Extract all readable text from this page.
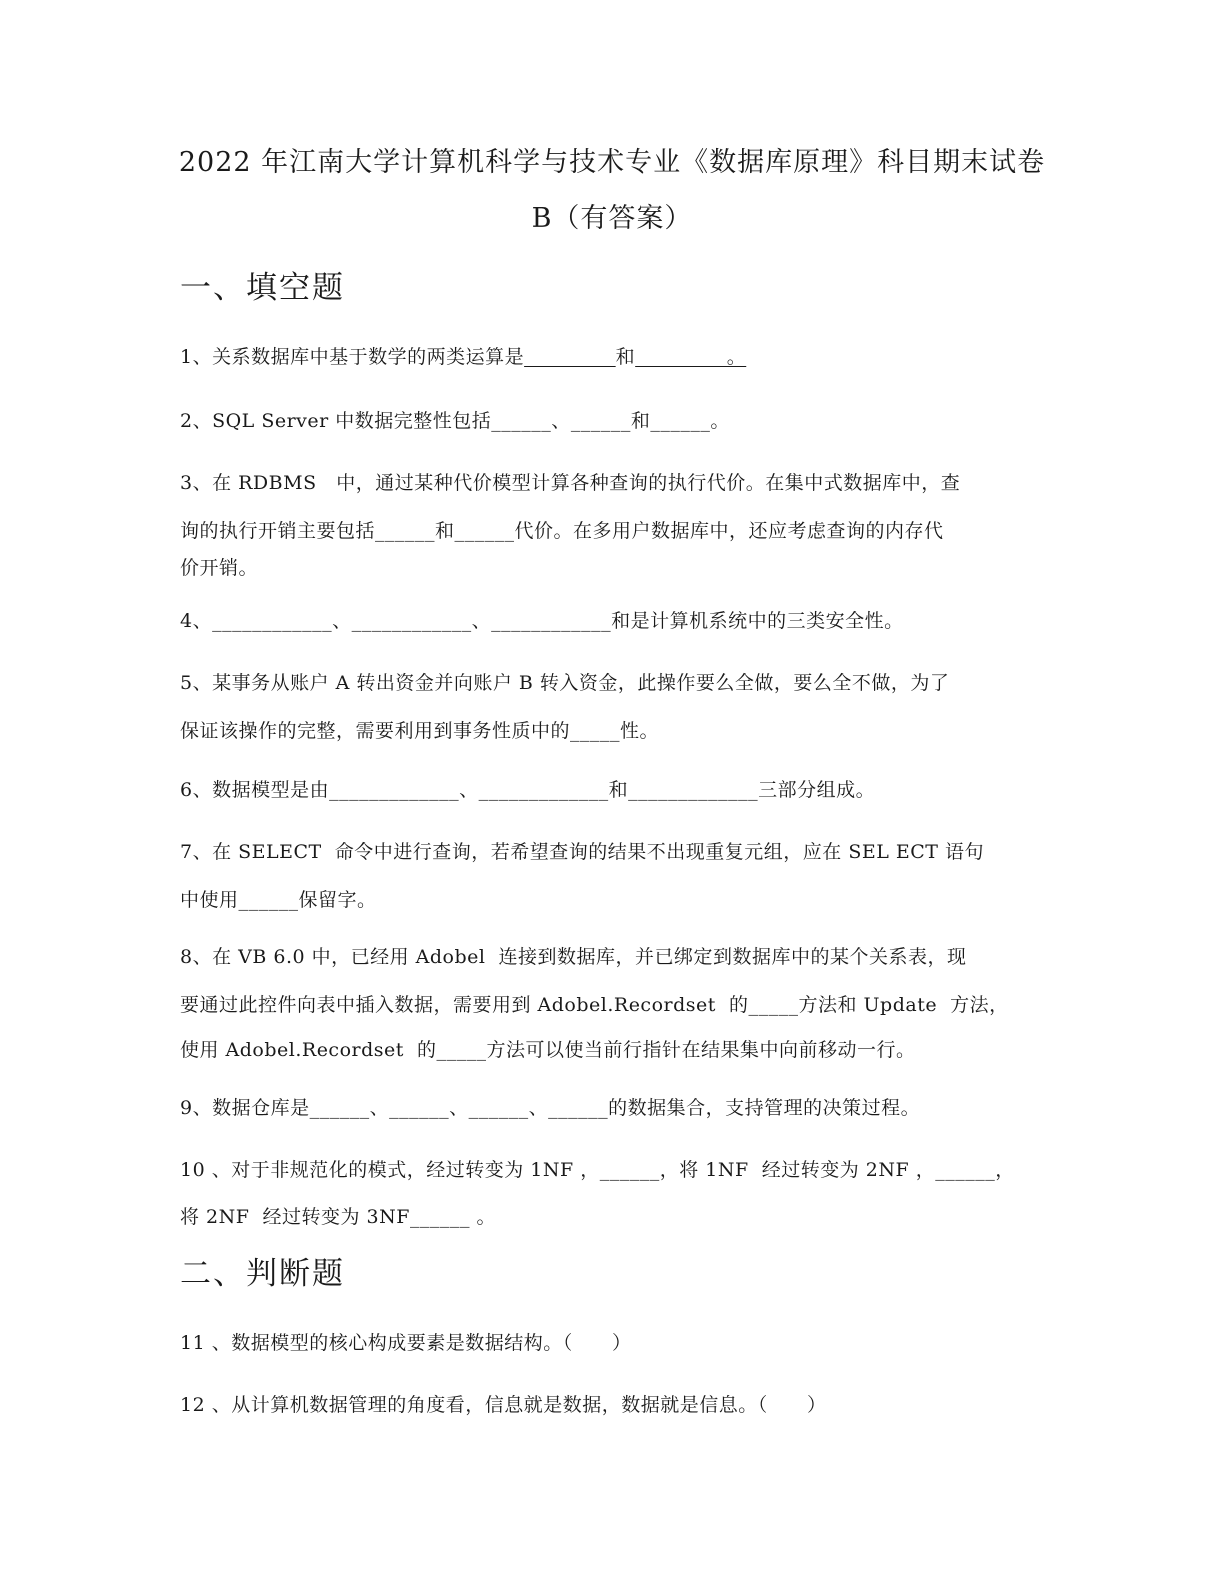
2022 年江南大学计算机科学与技术专业《数据库原理》科目期末试卷
B（有答案）
一、填空题
1、关系数据库中基于数学的两类运算是	和              。
2、SQL Server 中数据完整性包括______、______和______。
3、在 RDBMS   中，通过某种代价模型计算各种查询的执行代价。在集中式数据库中，查
询的执行开销主要包括______和______代价。在多用户数据库中，还应考虑查询的内存代
价开销。
4、____________、____________、____________和是计算机系统中的三类安全性。
5、某事务从账户 A 转出资金并向账户 B 转入资金，此操作要么全做，要么全不做，为了
保证该操作的完整，需要利用到事务性质中的_____性。
6、数据模型是由_____________、_____________和_____________三部分组成。
7、在 SELECT  命令中进行查询，若希望查询的结果不出现重复元组，应在 SEL ECT 语句
中使用______保留字。
8、在 VB 6.0 中，已经用 Adobel  连接到数据库，并已绑定到数据库中的某个关系表，现
要通过此控件向表中插入数据，需要用到 Adobel.Recordset  的_____方法和 Update  方法，
使用 Adobel.Recordset  的_____方法可以使当前行指针在结果集中向前移动一行。
9、数据仓库是______、______、______、______的数据集合，支持管理的决策过程。
10 、对于非规范化的模式，经过转变为 1NF ，______，将 1NF  经过转变为 2NF ，______，
将 2NF  经过转变为 3NF______ 。
二、判断题
11 、数据模型的核心构成要素是数据结构。（      ）
12 、从计算机数据管理的角度看，信息就是数据，数据就是信息。（      ）
